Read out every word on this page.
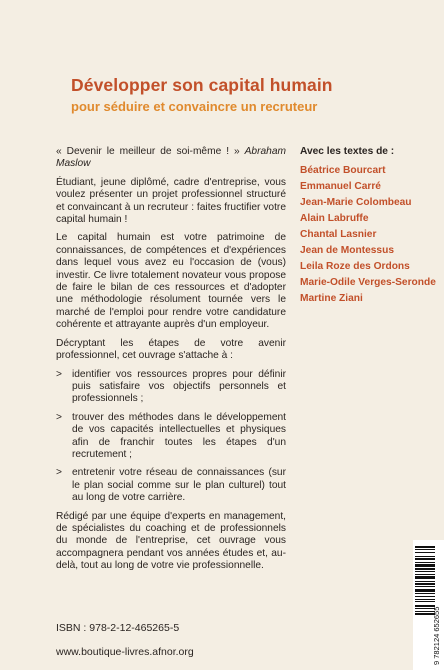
Développer son capital humain
pour séduire et convaincre un recruteur

« Devenir le meilleur de soi-même ! » Abraham Maslow

Étudiant, jeune diplômé, cadre d'entreprise, vous voulez présenter un projet professionnel structuré et convaincant à un recruteur : faites fructifier votre capital humain !

Le capital humain est votre patrimoine de connaissances, de compétences et d'expériences dans lequel vous avez eu l'occasion de (vous) investir. Ce livre totalement novateur vous propose de faire le bilan de ces ressources et d'adopter une méthodologie résolument tournée vers le marché de l'emploi pour rendre votre candidature cohérente et attrayante auprès d'un employeur.

Décryptant les étapes de votre avenir professionnel, cet ouvrage s'attache à :

> identifier vos ressources propres pour définir puis satisfaire vos objectifs personnels et professionnels ;
> trouver des méthodes dans le développement de vos capacités intellectuelles et physiques afin de franchir toutes les étapes d'un recrutement ;
> entretenir votre réseau de connaissances (sur le plan social comme sur le plan culturel) tout au long de votre carrière.

Rédigé par une équipe d'experts en management, de spécialistes du coaching et de professionnels du monde de l'entreprise, cet ouvrage vous accompagnera pendant vos années études et, au-delà, tout au long de votre vie professionnelle.

Avec les textes de :
Béatrice Bourcart
Emmanuel Carré
Jean-Marie Colombeau
Alain Labruffe
Chantal Lasnier
Jean de Montessus
Leila Roze des Ordons
Marie-Odile Verges-Seronde
Martine Ziani
ISBN : 978-2-12-465265-5
www.boutique-livres.afnor.org	9 782124 652655
